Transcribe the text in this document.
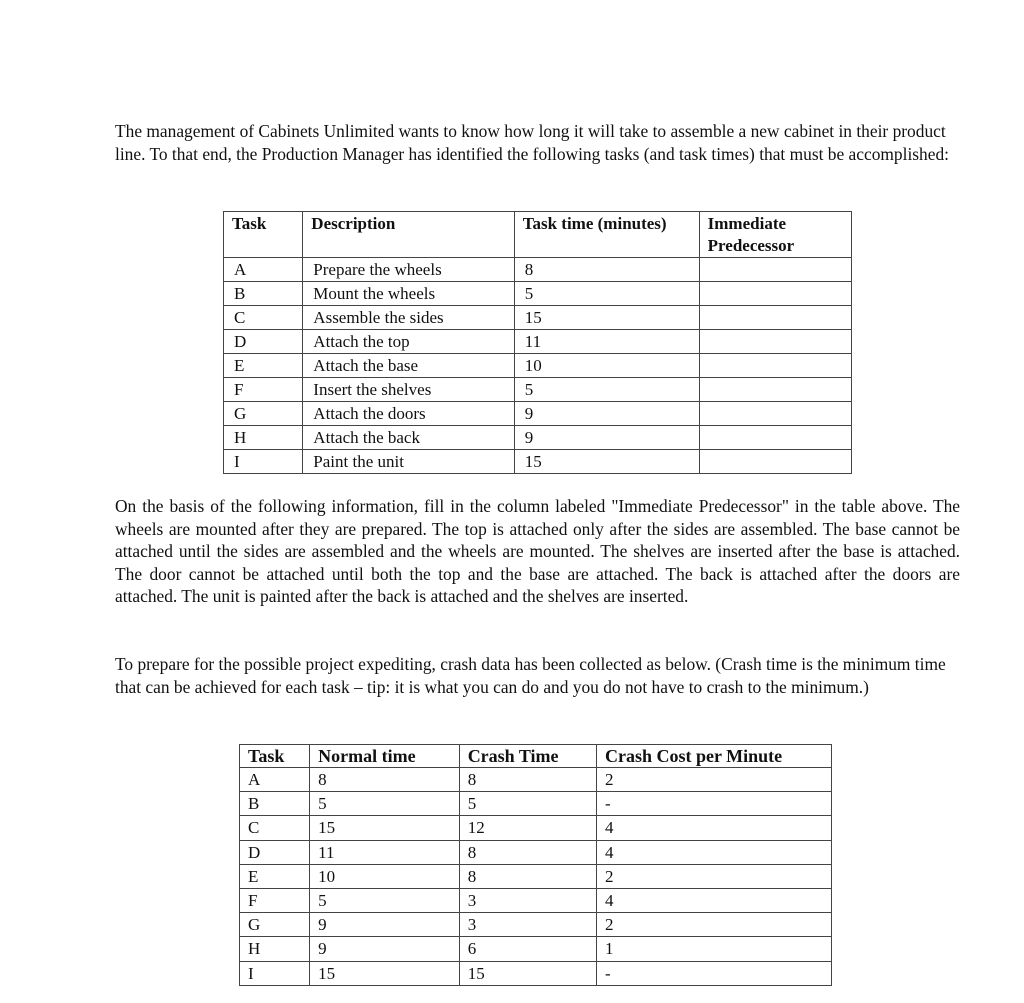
The management of Cabinets Unlimited wants to know how long it will take to assemble a new cabinet in their product line. To that end, the Production Manager has identified the following tasks (and task times) that must be accomplished:

Task	Description	Task time (minutes)	Immediate Predecessor
A	Prepare the wheels	8	
B	Mount the wheels	5	
C	Assemble the sides	15	
D	Attach the top	11	
E	Attach the base	10	
F	Insert the shelves	5	
G	Attach the doors	9	
H	Attach the back	9	
I	Paint the unit	15	

On the basis of the following information, fill in the column labeled "Immediate Predecessor" in the table above. The wheels are mounted after they are prepared. The top is attached only after the sides are assembled. The base cannot be attached until the sides are assembled and the wheels are mounted. The shelves are inserted after the base is attached. The door cannot be attached until both the top and the base are attached. The back is attached after the doors are attached. The unit is painted after the back is attached and the shelves are inserted.

To prepare for the possible project expediting, crash data has been collected as below. (Crash time is the minimum time that can be achieved for each task – tip: it is what you can do and you do not have to crash to the minimum.)

Task	Normal time	Crash Time	Crash Cost per Minute
A	8	8	2
B	5	5	-
C	15	12	4
D	11	8	4
E	10	8	2
F	5	3	4
G	9	3	2
H	9	6	1
I	15	15	-
